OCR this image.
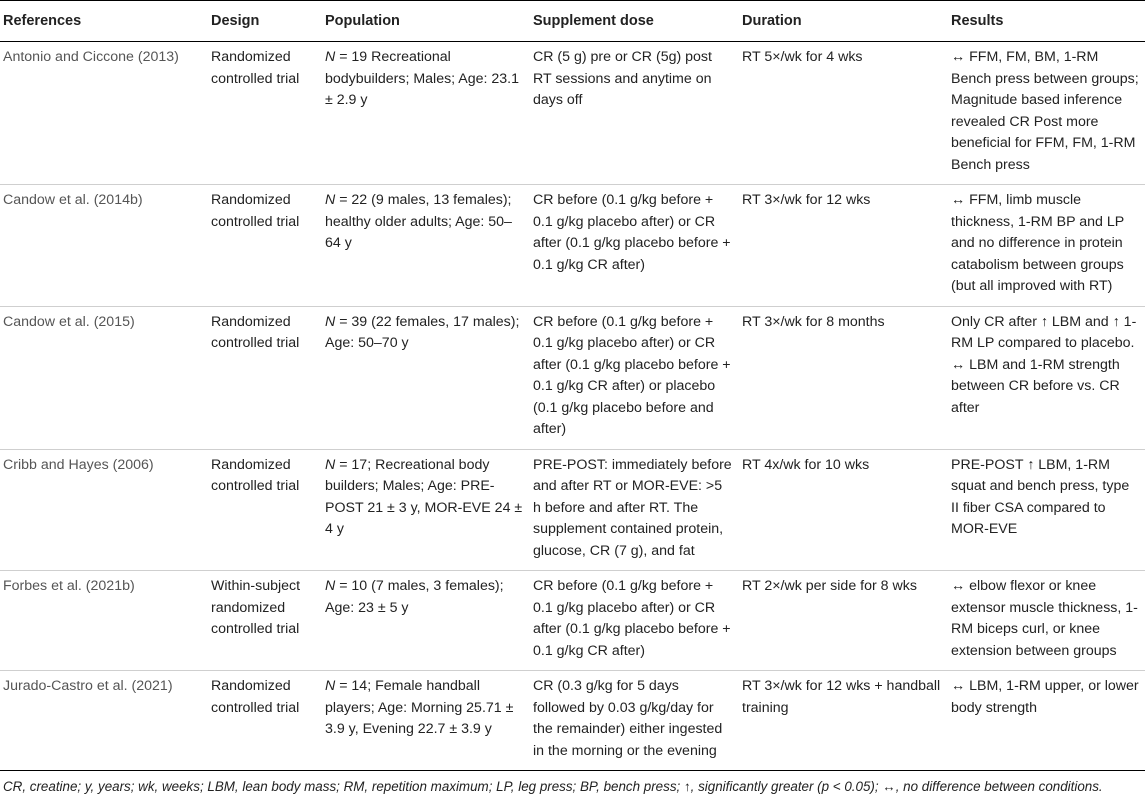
References	Design	Population	Supplement dose	Duration	Results
Antonio and Ciccone (2013)	Randomized controlled trial	N = 19 Recreational bodybuilders; Males; Age: 23.1 ± 2.9 y	CR (5 g) pre or CR (5g) post RT sessions and anytime on days off	RT 5×/wk for 4 wks	↔ FFM, FM, BM, 1-RM Bench press between groups; Magnitude based inference revealed CR Post more beneficial for FFM, FM, 1-RM Bench press
Candow et al. (2014b)	Randomized controlled trial	N = 22 (9 males, 13 females); healthy older adults; Age: 50–64 y	CR before (0.1 g/kg before + 0.1 g/kg placebo after) or CR after (0.1 g/kg placebo before + 0.1 g/kg CR after)	RT 3×/wk for 12 wks	↔ FFM, limb muscle thickness, 1-RM BP and LP and no difference in protein catabolism between groups (but all improved with RT)
Candow et al. (2015)	Randomized controlled trial	N = 39 (22 females, 17 males); Age: 50–70 y	CR before (0.1 g/kg before + 0.1 g/kg placebo after) or CR after (0.1 g/kg placebo before + 0.1 g/kg CR after) or placebo (0.1 g/kg placebo before and after)	RT 3×/wk for 8 months	Only CR after ↑ LBM and ↑ 1-RM LP compared to placebo. ↔ LBM and 1-RM strength between CR before vs. CR after
Cribb and Hayes (2006)	Randomized controlled trial	N = 17; Recreational body builders; Males; Age: PRE-POST 21 ± 3 y, MOR-EVE 24 ± 4 y	PRE-POST: immediately before and after RT or MOR-EVE: >5 h before and after RT. The supplement contained protein, glucose, CR (7 g), and fat	RT 4x/wk for 10 wks	PRE-POST ↑ LBM, 1-RM squat and bench press, type II fiber CSA compared to MOR-EVE
Forbes et al. (2021b)	Within-subject randomized controlled trial	N = 10 (7 males, 3 females); Age: 23 ± 5 y	CR before (0.1 g/kg before + 0.1 g/kg placebo after) or CR after (0.1 g/kg placebo before + 0.1 g/kg CR after)	RT 2×/wk per side for 8 wks	↔ elbow flexor or knee extensor muscle thickness, 1-RM biceps curl, or knee extension between groups
Jurado-Castro et al. (2021)	Randomized controlled trial	N = 14; Female handball players; Age: Morning 25.71 ± 3.9 y, Evening 22.7 ± 3.9 y	CR (0.3 g/kg for 5 days followed by 0.03 g/kg/day for the remainder) either ingested in the morning or the evening	RT 3×/wk for 12 wks + handball training	↔ LBM, 1-RM upper, or lower body strength
CR, creatine; y, years; wk, weeks; LBM, lean body mass; RM, repetition maximum; LP, leg press; BP, bench press; ↑, significantly greater (p < 0.05); ↔, no difference between conditions.
